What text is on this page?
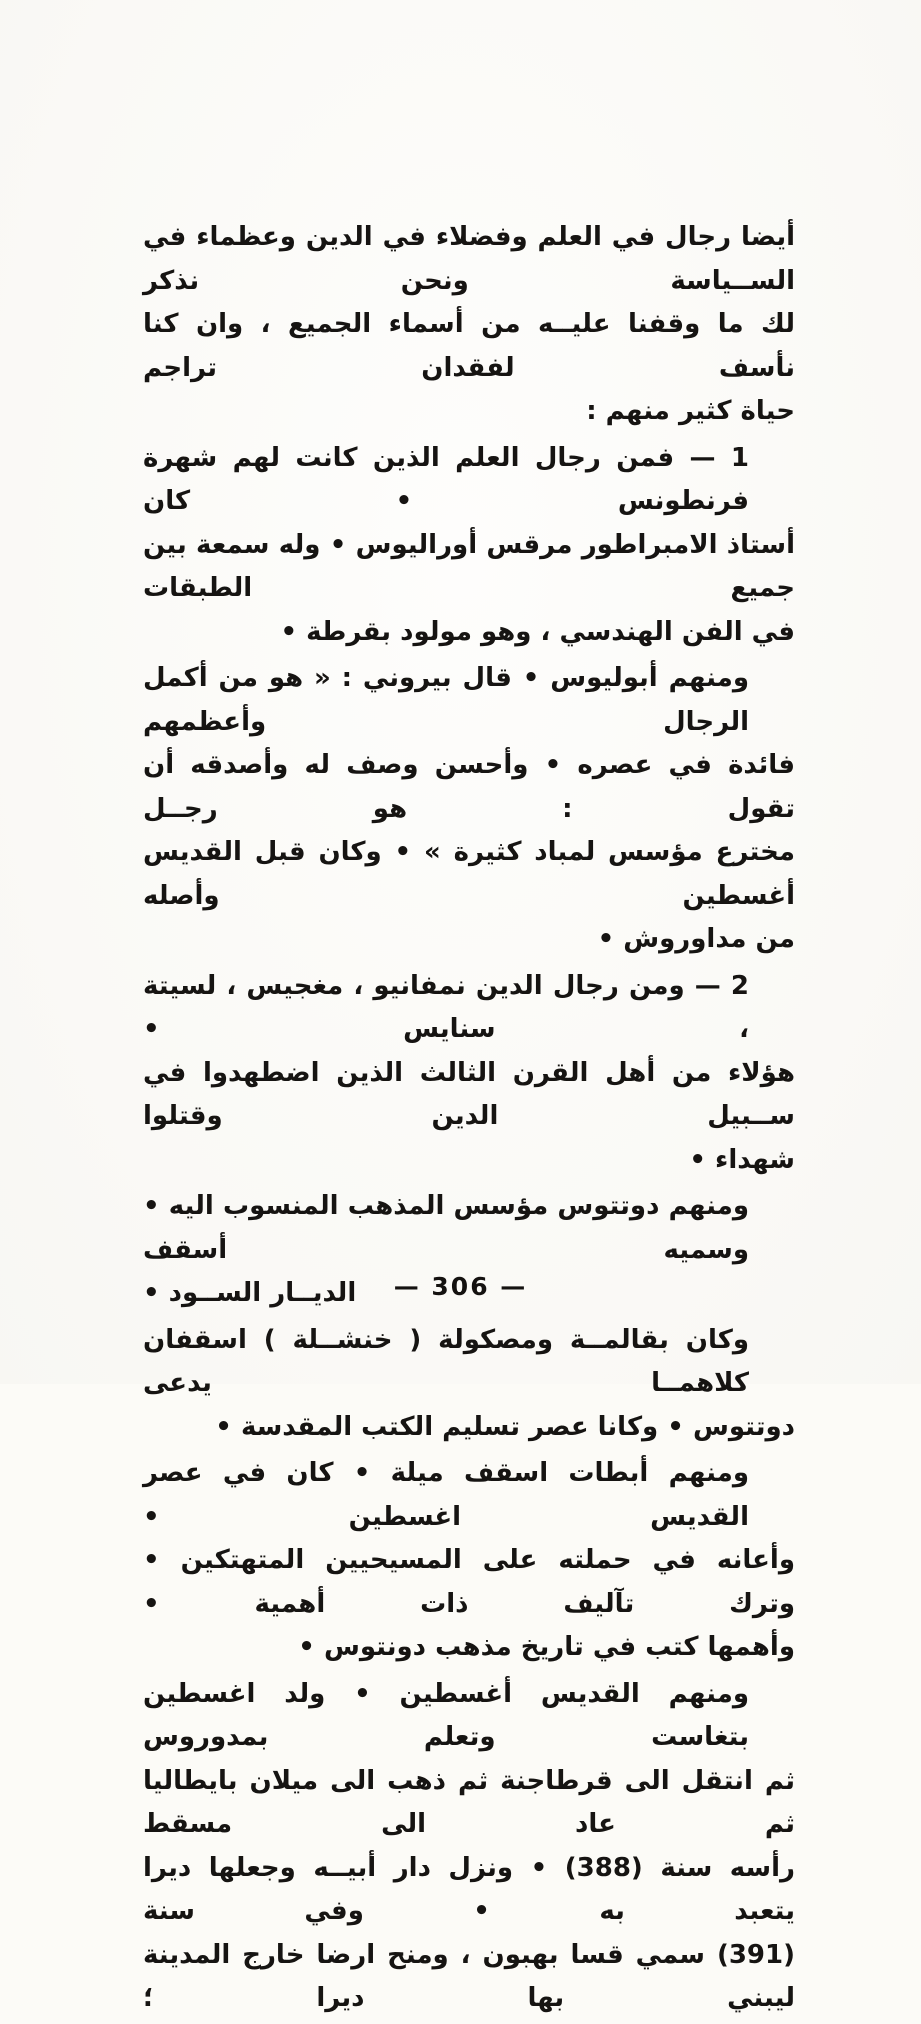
أيضا رجال في العلم وفضلاء في الدين وعظماء في الســياسة ونحن نذكر
لك ما وقفنا عليــه من أسماء الجميع ، وان كنا نأسف لفقدان تراجم
حياة كثير منهم :
1 — فمن رجال العلم الذين كانت لهم شهرة فرنطونس • كان
أستاذ الامبراطور مرقس أوراليوس • وله سمعة بين جميع الطبقات
في الفن الهندسي ، وهو مولود بقرطة •
ومنهم أبوليوس • قال بيروني : « هو من أكمل الرجال وأعظمهم
فائدة في عصره • وأحسن وصف له وأصدقه أن تقول : هو رجــل
مخترع مؤسس لمباد كثيرة » • وكان قبل القديس أغسطين وأصله
من مداوروش •
2 — ومن رجال الدين نمفانيو ، مغجيس ، لسيتة ، سنايس •
هؤلاء من أهل القرن الثالث الذين اضطهدوا في ســبيل الدين وقتلوا
شهداء •
ومنهم دوتتوس مؤسس المذهب المنسوب اليه • وسميه أسقف
الديــار الســود •
وكان بقالمــة ومصكولة ( خنشــلة ) اسقفان كلاهمــا يدعى
دوتتوس • وكانا عصر تسليم الكتب المقدسة •
ومنهم أبطات اسقف ميلة • كان في عصر القديس اغسطين •
وأعانه في حملته على المسيحيين المتهتكين • وترك تآليف ذات أهمية •
وأهمها كتب في تاريخ مذهب دونتوس •
ومنهم القديس أغسطين • ولد اغسطين بتغاست وتعلم بمدوروس
ثم انتقل الى قرطاجنة ثم ذهب الى ميلان بايطاليا ثم عاد الى مسقط
رأسه سنة (388) • ونزل دار أبيــه وجعلها ديرا يتعبد به • وفي سنة
(391) سمي قسا بهبون ، ومنح ارضا خارج المدينة ليبني بها ديرا ؛
— 306 —
